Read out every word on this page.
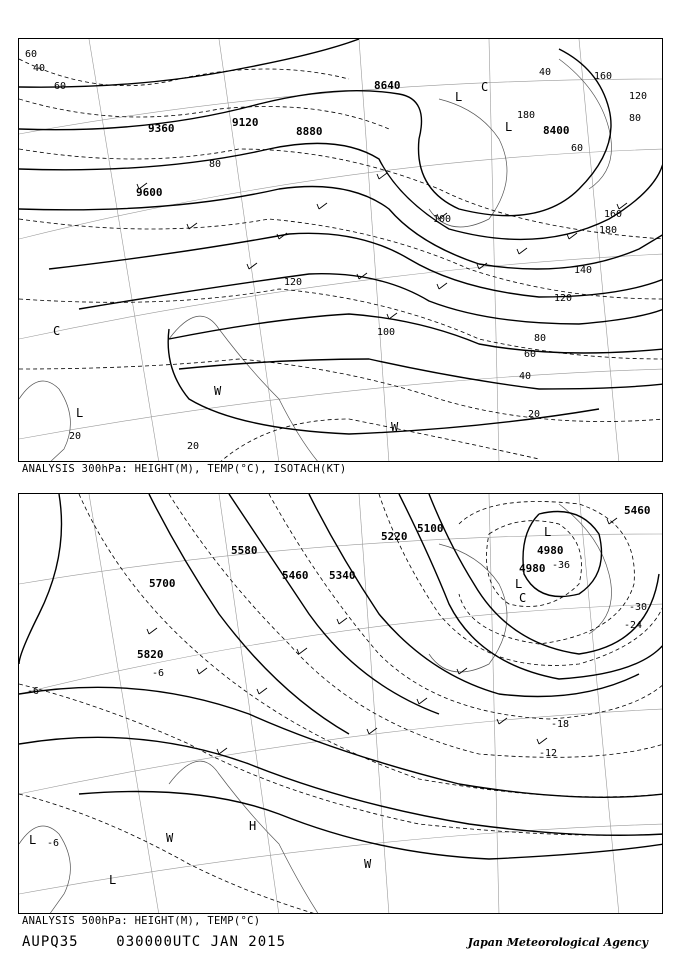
8640
9120
8880
9360
9600
8400
60
40
60
80
100
120
140
160
180
120
100
80
60
40
20
20
20
40
60
80
120
160
180
L
L
C
W
W
C
L
ANALYSIS 300hPa: HEIGHT(M), TEMP(°C), ISOTACH(KT)
5700
5580
5460 5340
5220
5100
4980
4980
5820
5460
-36
-30
-24
-18
-12
-6
-6
-6
L
L
C
H
L
W
W
L
ANALYSIS 500hPa: HEIGHT(M), TEMP(°C)
AUPQ35	030000UTC JAN 2015	Japan Meteorological Agency
